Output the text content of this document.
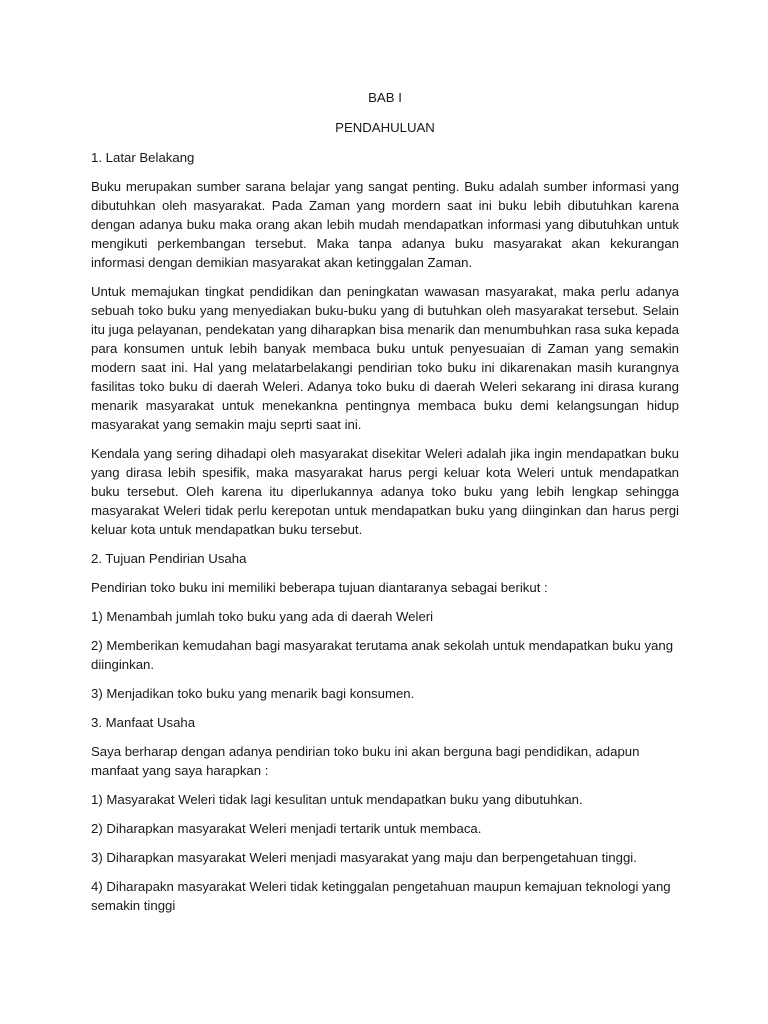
BAB I

PENDAHULUAN

1. Latar Belakang

Buku merupakan sumber sarana belajar yang sangat penting. Buku adalah sumber informasi yang dibutuhkan oleh masyarakat. Pada Zaman yang mordern saat ini buku lebih dibutuhkan karena dengan adanya buku maka orang akan lebih mudah mendapatkan informasi yang dibutuhkan untuk mengikuti perkembangan tersebut. Maka tanpa adanya buku masyarakat akan kekurangan informasi dengan demikian masyarakat akan ketinggalan Zaman.

Untuk memajukan tingkat pendidikan dan peningkatan wawasan masyarakat, maka perlu adanya sebuah toko buku yang menyediakan buku-buku yang di butuhkan oleh masyarakat tersebut. Selain itu juga pelayanan, pendekatan yang diharapkan bisa menarik dan menumbuhkan rasa suka kepada para konsumen untuk lebih banyak membaca buku untuk penyesuaian di Zaman yang semakin modern saat ini. Hal yang melatarbelakangi pendirian toko buku ini dikarenakan masih kurangnya fasilitas toko buku di daerah Weleri. Adanya toko buku di daerah Weleri sekarang ini dirasa kurang menarik masyarakat untuk menekankna pentingnya membaca buku demi kelangsungan hidup masyarakat yang semakin maju seprti saat ini.

Kendala yang sering dihadapi oleh masyarakat disekitar Weleri adalah jika ingin mendapatkan buku yang dirasa lebih spesifik, maka masyarakat harus pergi keluar kota Weleri untuk mendapatkan buku tersebut. Oleh karena itu diperlukannya adanya toko buku yang lebih lengkap sehingga masyarakat Weleri tidak perlu kerepotan untuk mendapatkan buku yang diinginkan dan harus pergi keluar kota untuk mendapatkan buku tersebut.

2. Tujuan Pendirian Usaha

Pendirian toko buku ini memiliki beberapa tujuan diantaranya sebagai berikut :

1) Menambah jumlah toko buku yang ada di daerah Weleri

2) Memberikan kemudahan bagi masyarakat terutama anak sekolah untuk mendapatkan buku yang diinginkan.

3) Menjadikan toko buku yang menarik bagi konsumen.

3. Manfaat Usaha

Saya berharap dengan adanya pendirian toko buku ini akan berguna bagi pendidikan, adapun manfaat yang saya harapkan :

1) Masyarakat Weleri tidak lagi kesulitan untuk mendapatkan buku yang dibutuhkan.

2) Diharapkan masyarakat Weleri menjadi tertarik untuk membaca.

3) Diharapkan masyarakat Weleri menjadi masyarakat yang maju dan berpengetahuan tinggi.

4) Diharapakn masyarakat Weleri tidak ketinggalan pengetahuan maupun kemajuan teknologi yang semakin tinggi
